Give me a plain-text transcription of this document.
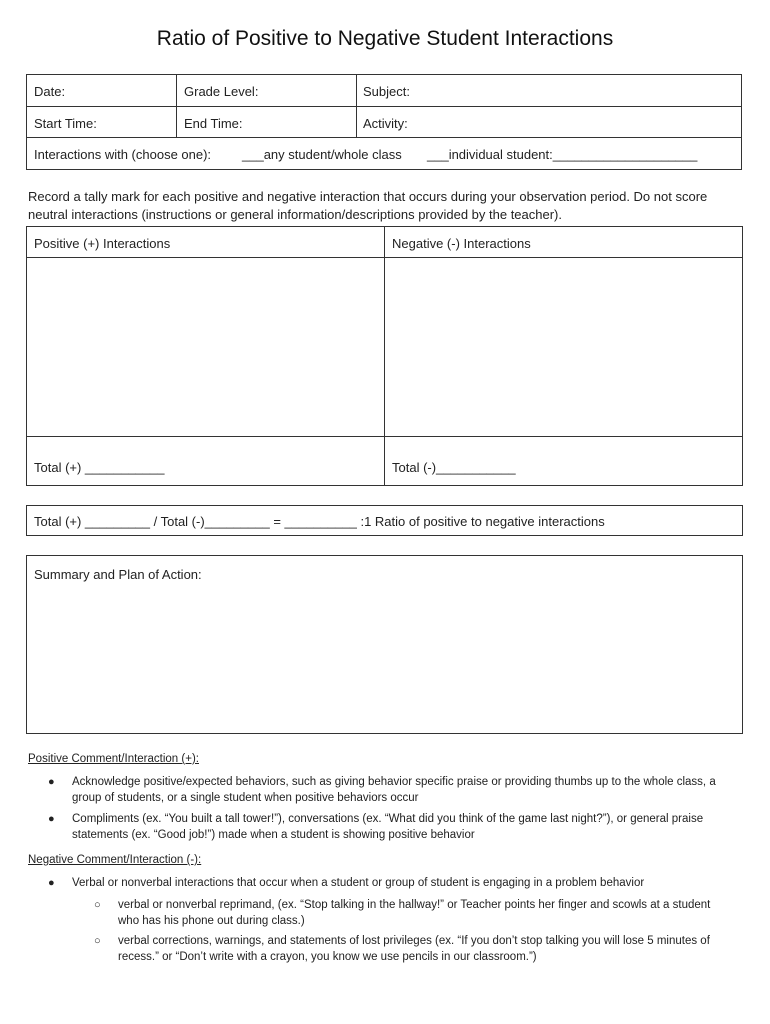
Ratio of Positive to Negative Student Interactions
Date:	Grade Level:	Subject:
Start Time:	End Time:	Activity:
Interactions with (choose one): ___any student/whole class ___individual student:____________________
Record a tally mark for each positive and negative interaction that occurs during your observation period. Do not score neutral interactions (instructions or general information/descriptions provided by the teacher).
Positive (+) Interactions	Negative (-) Interactions
Total (+) ___________	Total (-)___________
Total (+) _________ / Total (-)_________ = __________ :1 Ratio of positive to negative interactions
Summary and Plan of Action:
Positive Comment/Interaction (+):
● Acknowledge positive/expected behaviors, such as giving behavior specific praise or providing thumbs up to the whole class, a group of students, or a single student when positive behaviors occur
● Compliments (ex. “You built a tall tower!”), conversations (ex. “What did you think of the game last night?”), or general praise statements (ex. “Good job!”) made when a student is showing positive behavior
Negative Comment/Interaction (-):
● Verbal or nonverbal interactions that occur when a student or group of student is engaging in a problem behavior
○ verbal or nonverbal reprimand, (ex. “Stop talking in the hallway!” or Teacher points her finger and scowls at a student who has his phone out during class.)
○ verbal corrections, warnings, and statements of lost privileges (ex. “If you don’t stop talking you will lose 5 minutes of recess.” or “Don’t write with a crayon, you know we use pencils in our classroom.”)
